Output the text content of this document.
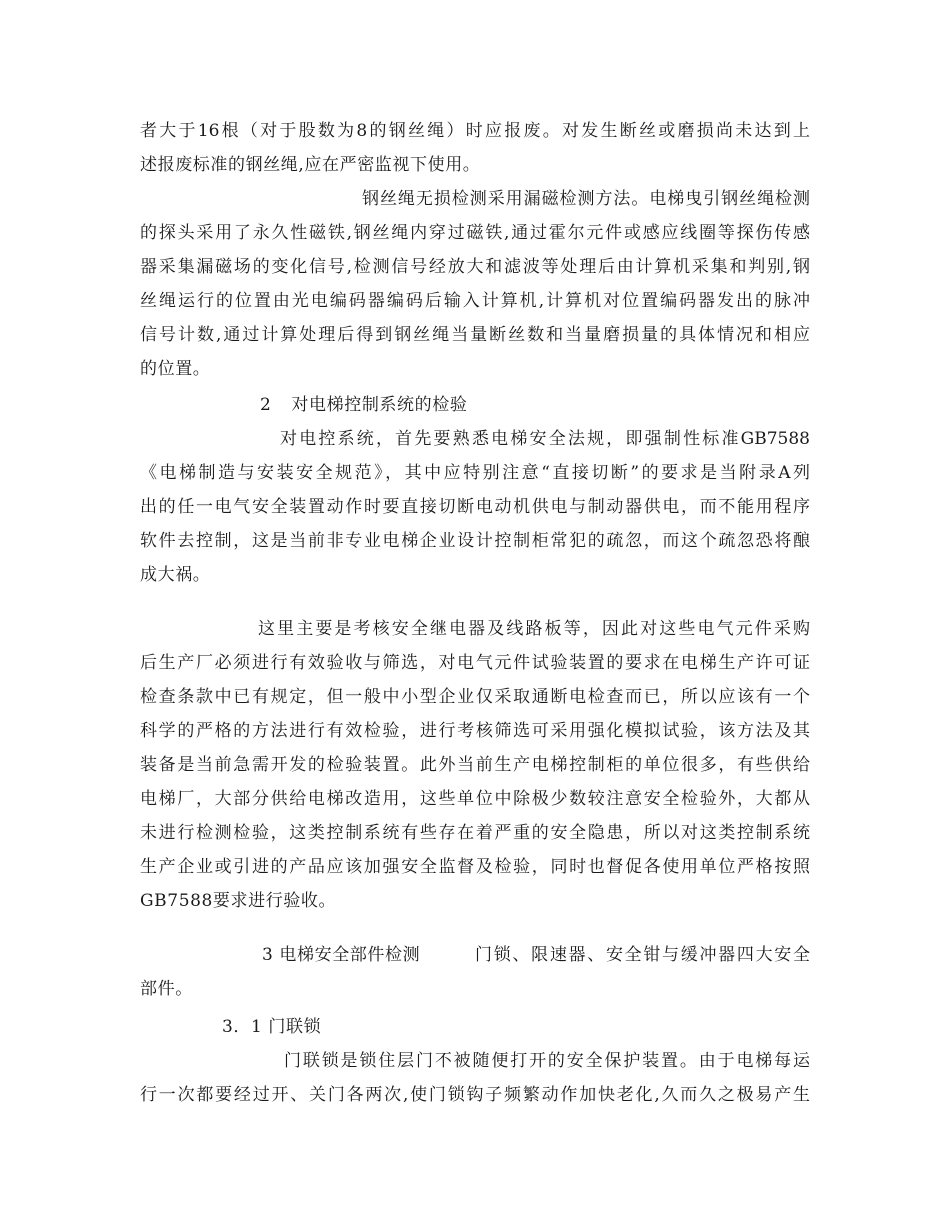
者大于16根（对于股数为8的钢丝绳）时应报废。对发生断丝或磨损尚未达到上
述报废标准的钢丝绳,应在严密监视下使用。
钢丝绳无损检测采用漏磁检测方法。电梯曳引钢丝绳检测
的探头采用了永久性磁铁,钢丝绳内穿过磁铁,通过霍尔元件或感应线圈等探伤传感
器采集漏磁场的变化信号,检测信号经放大和滤波等处理后由计算机采集和判别,钢
丝绳运行的位置由光电编码器编码后输入计算机,计算机对位置编码器发出的脉冲
信号计数,通过计算处理后得到钢丝绳当量断丝数和当量磨损量的具体情况和相应
的位置。
2 对电梯控制系统的检验
对电控系统，首先要熟悉电梯安全法规，即强制性标准GB7588
《电梯制造与安装安全规范》，其中应特别注意“直接切断”的要求是当附录A列
出的任一电气安全装置动作时要直接切断电动机供电与制动器供电，而不能用程序
软件去控制，这是当前非专业电梯企业设计控制柜常犯的疏忽，而这个疏忽恐将酿
成大祸。
这里主要是考核安全继电器及线路板等，因此对这些电气元件采购
后生产厂必须进行有效验收与筛选，对电气元件试验装置的要求在电梯生产许可证
检查条款中已有规定，但一般中小型企业仅采取通断电检查而已，所以应该有一个
科学的严格的方法进行有效检验，进行考核筛选可采用强化模拟试验，该方法及其
装备是当前急需开发的检验装置。此外当前生产电梯控制柜的单位很多，有些供给
电梯厂，大部分供给电梯改造用，这些单位中除极少数较注意安全检验外，大都从
未进行检测检验，这类控制系统有些存在着严重的安全隐患，所以对这类控制系统
生产企业或引进的产品应该加强安全监督及检验，同时也督促各使用单位严格按照
GB7588要求进行验收。
3 电梯安全部件检测	门锁、限速器、安全钳与缓冲器四大安全
部件。
3．1 门联锁
门联锁是锁住层门不被随便打开的安全保护装置。由于电梯每运
行一次都要经过开、关门各两次,使门锁钩子频繁动作加快老化,久而久之极易产生
